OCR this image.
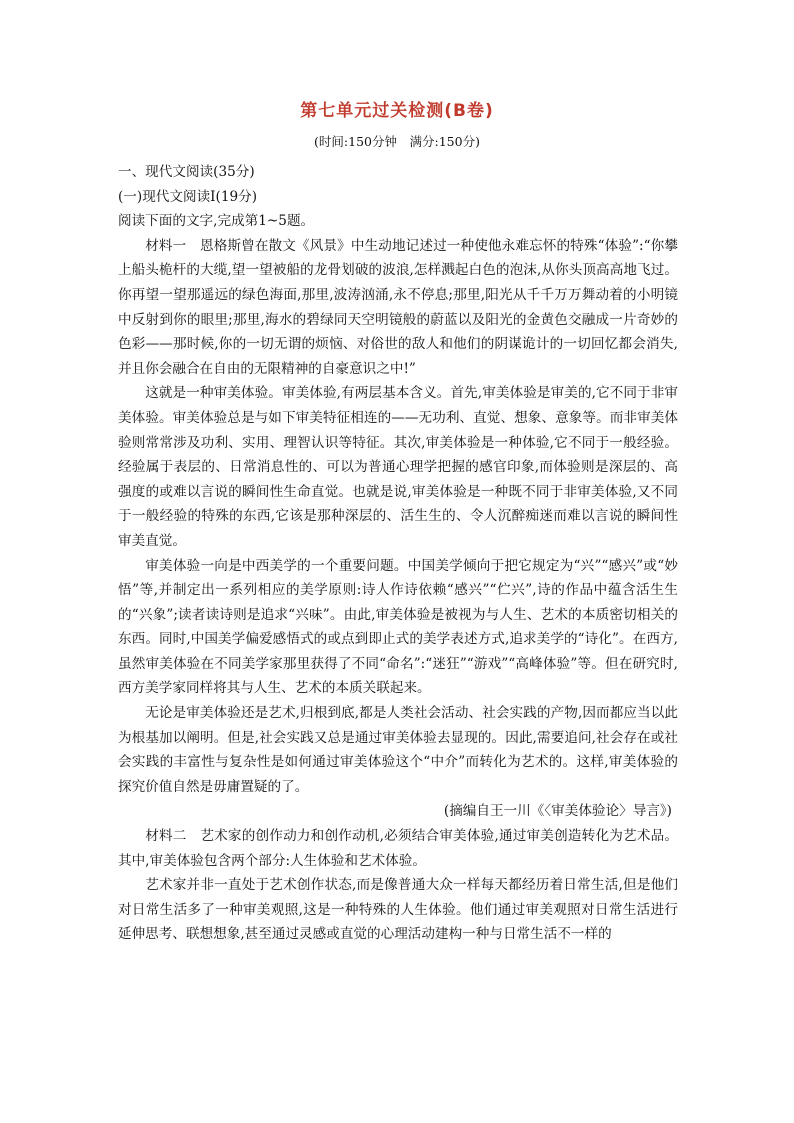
第七单元过关检测(B卷)
(时间:150分钟　满分:150分)

一、现代文阅读(35分)

(一)现代文阅读Ⅰ(19分)

阅读下面的文字,完成第1~5题。

材料一　恩格斯曾在散文《风景》中生动地记述过一种使他永难忘怀的特殊“体验”:“你攀上船头桅杆的大缆,望一望被船的龙骨划破的波浪,怎样溅起白色的泡沫,从你头顶高高地飞过。你再望一望那遥远的绿色海面,那里,波涛汹涌,永不停息;那里,阳光从千千万万舞动着的小明镜中反射到你的眼里;那里,海水的碧绿同天空明镜般的蔚蓝以及阳光的金黄色交融成一片奇妙的色彩——那时候,你的一切无谓的烦恼、对俗世的敌人和他们的阴谋诡计的一切回忆都会消失,并且你会融合在自由的无限精神的自豪意识之中!”

这就是一种审美体验。审美体验,有两层基本含义。首先,审美体验是审美的,它不同于非审美体验。审美体验总是与如下审美特征相连的——无功利、直觉、想象、意象等。而非审美体验则常常涉及功利、实用、理智认识等特征。其次,审美体验是一种体验,它不同于一般经验。经验属于表层的、日常消息性的、可以为普通心理学把握的感官印象,而体验则是深层的、高强度的或难以言说的瞬间性生命直觉。也就是说,审美体验是一种既不同于非审美体验,又不同于一般经验的特殊的东西,它该是那种深层的、活生生的、令人沉醉痴迷而难以言说的瞬间性审美直觉。

审美体验一向是中西美学的一个重要问题。中国美学倾向于把它规定为“兴”“感兴”或“妙悟”等,并制定出一系列相应的美学原则:诗人作诗依赖“感兴”“伫兴”,诗的作品中蕴含活生生的“兴象”;读者读诗则是追求“兴味”。由此,审美体验是被视为与人生、艺术的本质密切相关的东西。同时,中国美学偏爱感悟式的或点到即止式的美学表述方式,追求美学的“诗化”。在西方,虽然审美体验在不同美学家那里获得了不同“命名”:“迷狂”“游戏”“高峰体验”等。但在研究时,西方美学家同样将其与人生、艺术的本质关联起来。

无论是审美体验还是艺术,归根到底,都是人类社会活动、社会实践的产物,因而都应当以此为根基加以阐明。但是,社会实践又总是通过审美体验去显现的。因此,需要追问,社会存在或社会实践的丰富性与复杂性是如何通过审美体验这个“中介”而转化为艺术的。这样,审美体验的探究价值自然是毋庸置疑的了。

(摘编自王一川《〈审美体验论〉导言》)

材料二　艺术家的创作动力和创作动机,必须结合审美体验,通过审美创造转化为艺术品。其中,审美体验包含两个部分:人生体验和艺术体验。

艺术家并非一直处于艺术创作状态,而是像普通大众一样每天都经历着日常生活,但是他们对日常生活多了一种审美观照,这是一种特殊的人生体验。他们通过审美观照对日常生活进行延伸思考、联想想象,甚至通过灵感或直觉的心理活动建构一种与日常生活不一样的
